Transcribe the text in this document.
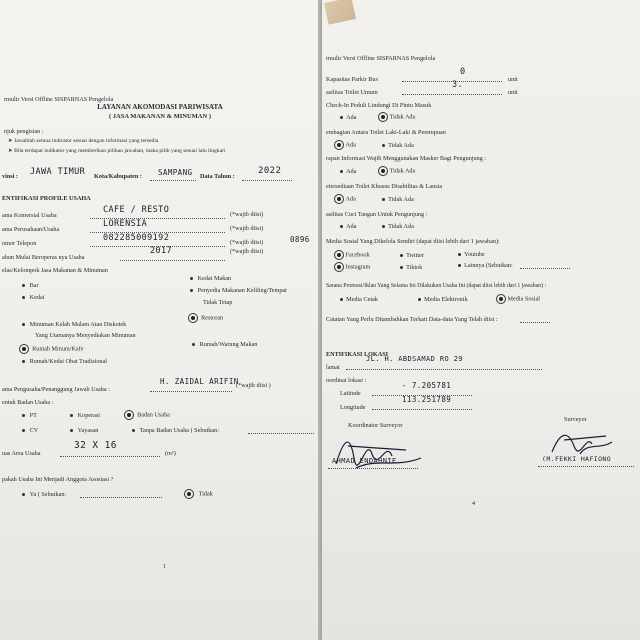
rmulir Versi Offline SISPARNAS Pengelola
LAYANAN AKOMODASI PARIWISATA
( JASA MAKANAN & MINUMAN )
njuk pengisian :
➤ Jawablah semua indicator sesuai dengan informasi yang tersedia
➤ Bila terdapat indikator yang memberikan pilihan jawaban, maka pilih yang sesuai lalu lingkari
vinsi : JAWA TIMUR Kota/Kabupaten : SAMPANG Data Tahun :
2022
ENTIFIKASI PROFILE USAHA
ama Komersial Usaha
CAFE / RESTO	(*wajib diisi)
ama Perusahaan/Usaha
LORENSIA	(*wajib diisi)
omor Telepon
082285009192	(*wajib diisi)	0896
ahun Mulai Beroperas nya Usaha
2017	(*wajib diisi)
elas/Kelompok Jasa Makanan & Minuman
Bar
Kedai Makan
Kedai
Penyedia Makanan Keliling/Tempat
Tidak Tetap
Minuman Kelah Malam Atau Diskotek
Restoran
Yang Utamanya Menyediakan Minuman
Rumah Minum/Kafe
Rumah/Warung Makan
Rumah/Kedai Obat Tradisional
ama Pengusaha/Penanggung Jawab Usaha :
H. ZAIDAL ARIFIN
(*wajib diisi )
entuk Badan Usaha :
PT	Koperasi	Badan Usaha
CV	Yayasan	Tanpa Badan Usaha ( Sebutkan:
uas Area Usaha
32 X 16
(m²)
pakah Usaha Ini Menjadi Anggota Asosiasi ?
Ya ( Sebutkan:	Tidak
1
rmulir Versi Offline SISPARNAS Pengelola
Kapasitas Parkir Bus
0
unit
asilitas Toilet Umum
3.
unit
Check-In Peduli Lindungi Di Pintu Masuk
Ada	Tidak Ada
embagian Antara Toilet Laki-Laki & Perempuan
Ada	Tidak Ada
rapan Informasi Wajib Menggunakan Masker Bagi Pengunjung :
Ada	Tidak Ada
etersediaan Toilet Khusus Disabilitas & Lansia
Ada	Tidak Ada
asilitas Cuci Tangan Untuk Pengunjung :
Ada	Tidak Ada
Media Sosial Yang Dikelola Sendiri (dapat diisi lebih dari 1 jawaban):
Facebook	Twitter	Youtube
Instagram	Tiktok	Lainnya (Sebutkan:
Sarana Promosi/Iklan Yang Selama Ini Dilakukan Usaha Ini (dapat diisi lebih dari 1 jawaban) :
Media Cetak	Media Elektronik	Media Sosial
Catatan Yang Perlu Ditambahkan Terkait Data-data Yang Telah diisi :
ENTIFIKASI LOKASI
lamat
JL. H. ABDSAMAD RO 29
oordinat lokasi :
Latitude
- 7.205781
Longitude
113.251789
Koordinator Surveyor
AHMAD ENDAHNIE
Surveyor
(M.FEKKI HAFIONO
4
